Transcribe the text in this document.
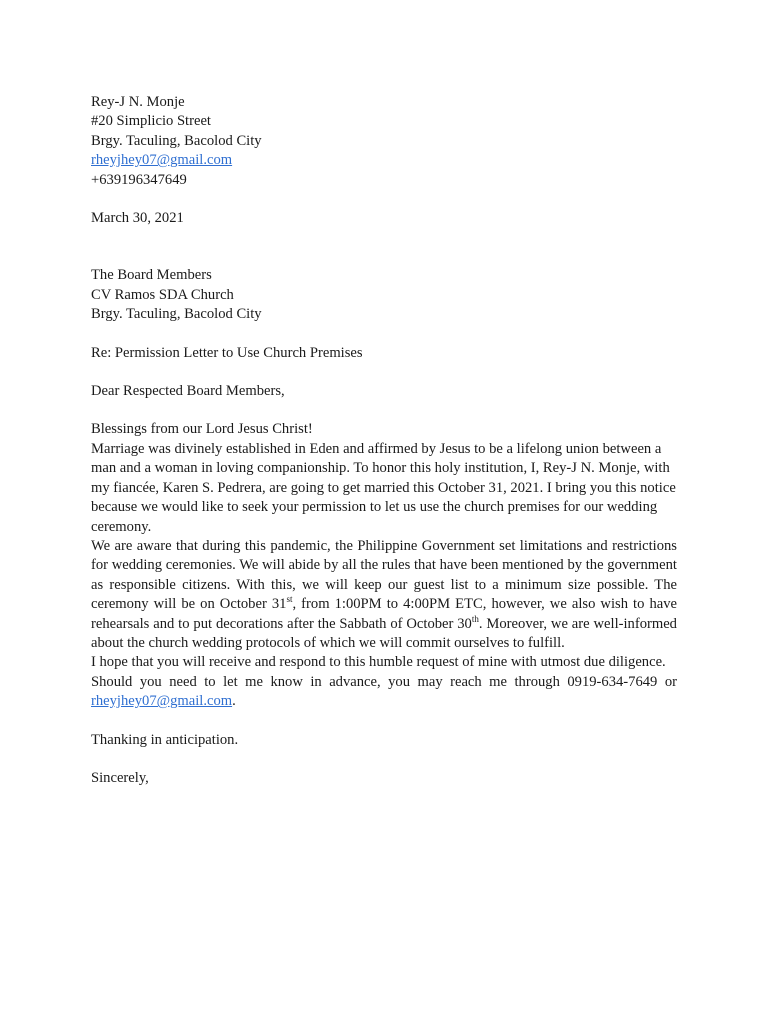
Rey-J N. Monje
#20 Simplicio Street
Brgy. Taculing, Bacolod City
rheyjhey07@gmail.com
+639196347649
March 30, 2021
The Board Members
CV Ramos SDA Church
Brgy. Taculing, Bacolod City
Re: Permission Letter to Use Church Premises
Dear Respected Board Members,
Blessings from our Lord Jesus Christ!

Marriage was divinely established in Eden and affirmed by Jesus to be a lifelong union between a man and a woman in loving companionship. To honor this holy institution, I, Rey-J N. Monje, with my fiancée, Karen S. Pedrera, are going to get married this October 31, 2021. I bring you this notice because we would like to seek your permission to let us use the church premises for our wedding ceremony.

We are aware that during this pandemic, the Philippine Government set limitations and restrictions for wedding ceremonies. We will abide by all the rules that have been mentioned by the government as responsible citizens. With this, we will keep our guest list to a minimum size possible. The ceremony will be on October 31st, from 1:00PM to 4:00PM ETC, however, we also wish to have rehearsals and to put decorations after the Sabbath of October 30th. Moreover, we are well-informed about the church wedding protocols of which we will commit ourselves to fulfill.

I hope that you will receive and respond to this humble request of mine with utmost due diligence.

Should you need to let me know in advance, you may reach me through 0919-634-7649 or rheyjhey07@gmail.com.

Thanking in anticipation.
Sincerely,
